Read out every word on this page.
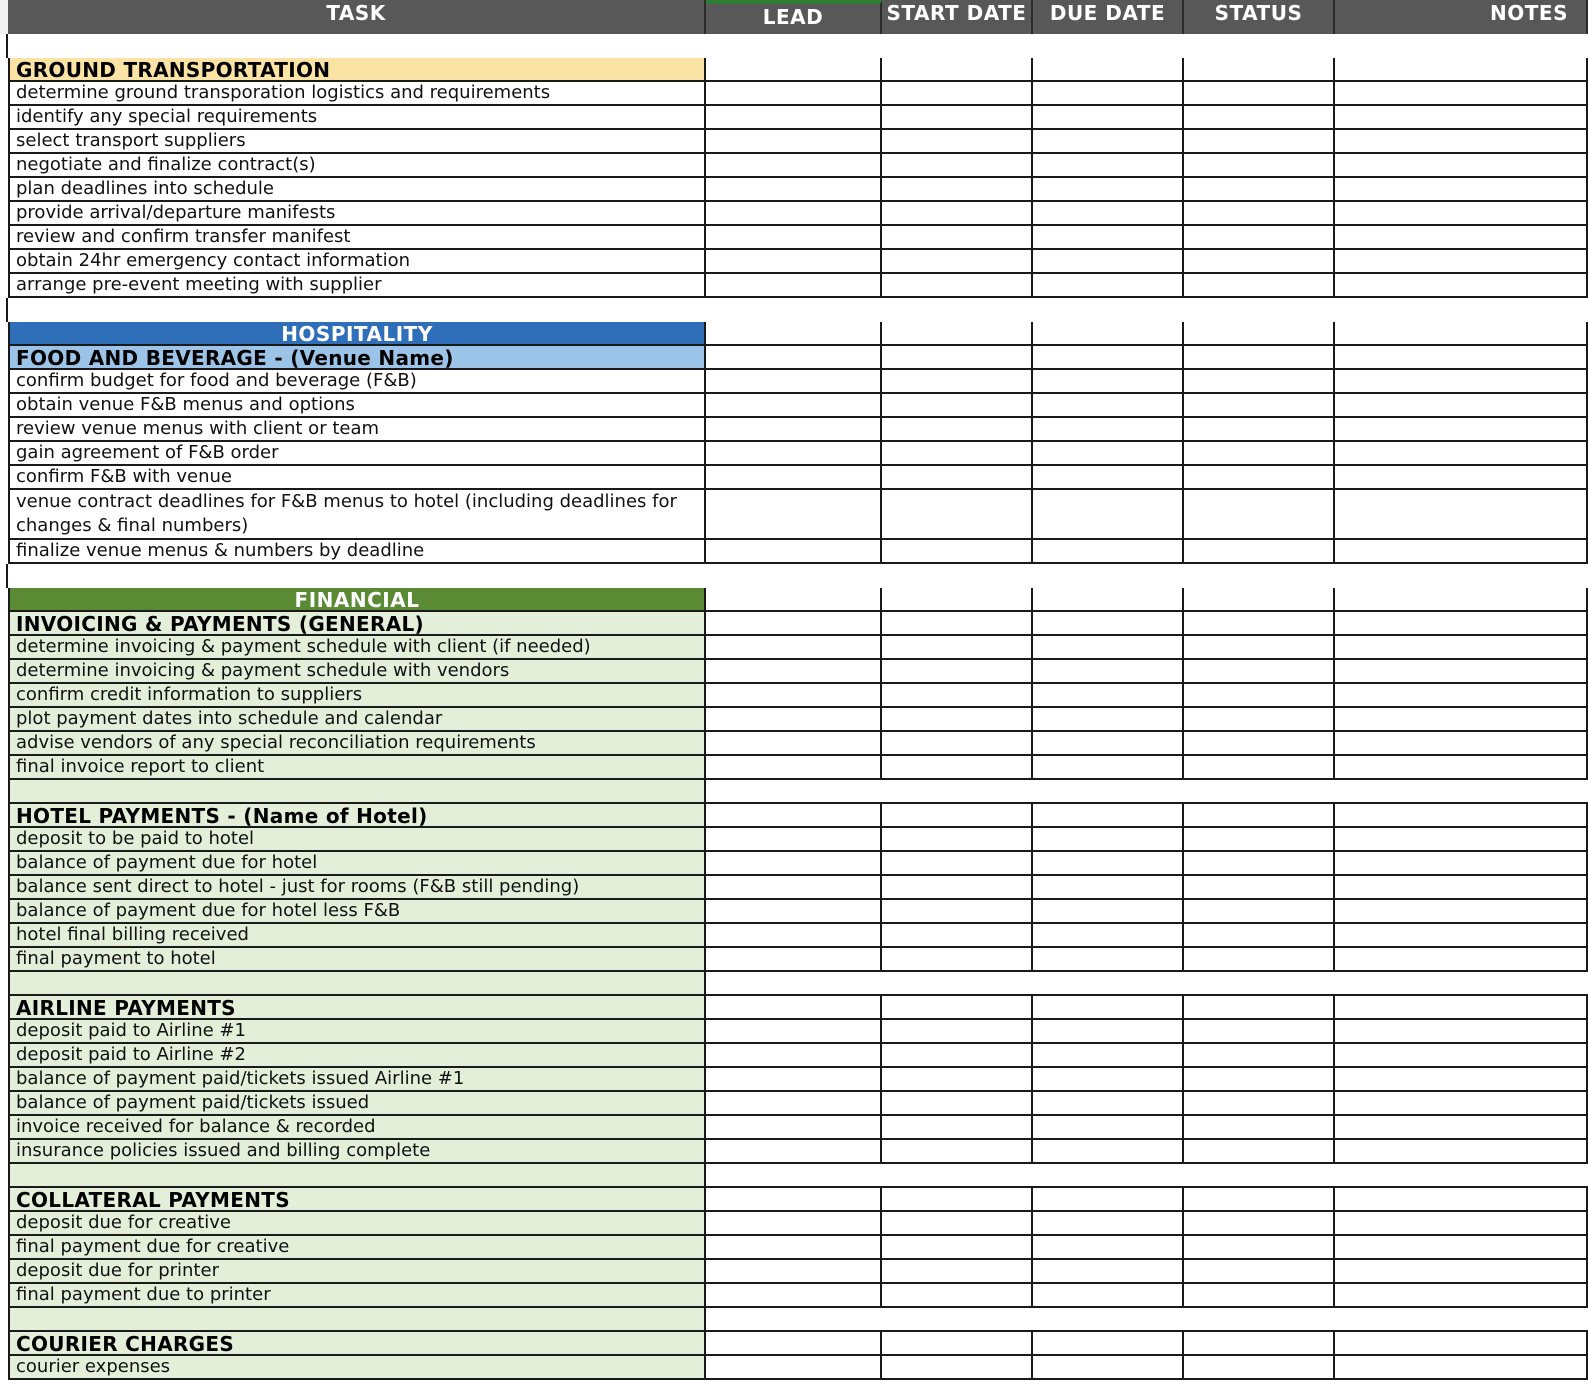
TASK	LEAD	START DATE	DUE DATE	STATUS	NOTES
GROUND TRANSPORTATION
determine ground transporation logistics and requirements
identify any special requirements
select transport suppliers
negotiate and finalize contract(s)
plan deadlines into schedule
provide arrival/departure manifests
review and confirm transfer manifest
obtain 24hr emergency contact information
arrange pre-event meeting with supplier
HOSPITALITY
FOOD AND BEVERAGE - (Venue Name)
confirm budget for food and beverage (F&B)
obtain venue F&B menus and options
review venue menus with client or team
gain agreement of F&B order
confirm F&B with venue
venue contract deadlines for F&B menus to hotel (including deadlines for changes & final numbers)
finalize venue menus & numbers by deadline
FINANCIAL
INVOICING & PAYMENTS (GENERAL)
determine invoicing & payment schedule with client (if needed)
determine invoicing & payment schedule with vendors
confirm credit information to suppliers
plot payment dates into schedule and calendar
advise vendors of any special reconciliation requirements
final invoice report to client
HOTEL PAYMENTS - (Name of Hotel)
deposit to be paid to hotel
balance of payment due for hotel
balance sent direct to hotel - just for rooms (F&B still pending)
balance of payment due for hotel less F&B
hotel final billing received
final payment to hotel
AIRLINE PAYMENTS
deposit paid to Airline #1
deposit paid to Airline #2
balance of payment paid/tickets issued Airline #1
balance of payment paid/tickets issued
invoice received for balance & recorded
insurance policies issued and billing complete
COLLATERAL PAYMENTS
deposit due for creative
final payment due for creative
deposit due for printer
final payment due to printer
COURIER CHARGES
courier expenses
